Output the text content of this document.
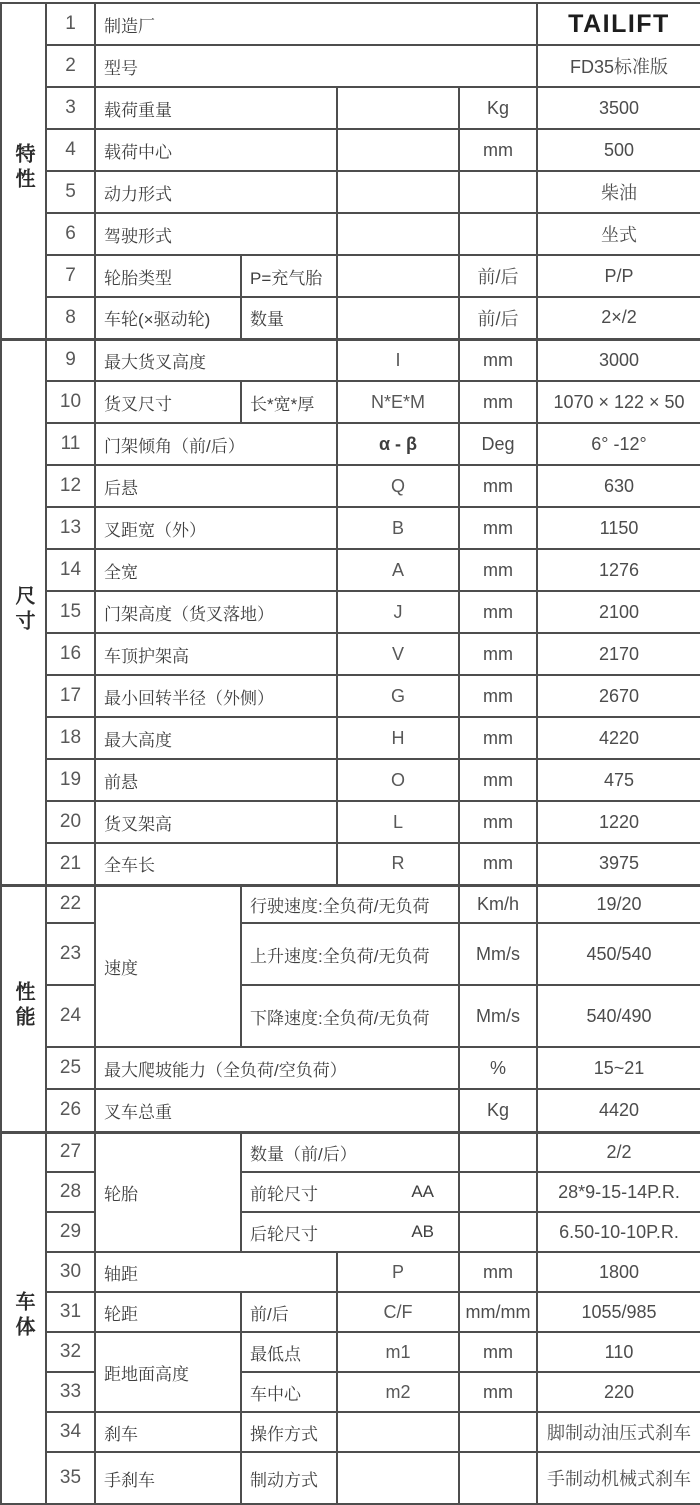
特性	1	制造厂				TAILIFT
	2	型号				FD35标准版
	3	载荷重量			Kg	3500
	4	载荷中心			mm	500
	5	动力形式				柴油
	6	驾驶形式				坐式
	7	轮胎类型	P=充气胎		前/后	P/P
	8	车轮(×驱动轮)	数量		前/后	2×/2
尺寸	9	最大货叉高度		I	mm	3000
	10	货叉尺寸	长*宽*厚	N*E*M	mm	1070 × 122 × 50
	11	门架倾角（前/后）		α - β	Deg	6° -12°
	12	后悬		Q	mm	630
	13	叉距宽（外）		B	mm	1150
	14	全宽		A	mm	1276
	15	门架高度（货叉落地）		J	mm	2100
	16	车顶护架高		V	mm	2170
	17	最小回转半径（外侧）		G	mm	2670
	18	最大高度		H	mm	4220
	19	前悬		O	mm	475
	20	货叉架高		L	mm	1220
	21	全车长		R	mm	3975
性能	22	速度	行驶速度:全负荷/无负荷		Km/h	19/20
	23		上升速度:全负荷/无负荷		Mm/s	450/540
	24		下降速度:全负荷/无负荷		Mm/s	540/490
	25	最大爬坡能力（全负荷/空负荷）			%	15~21
	26	叉车总重			Kg	4420
车体	27	轮胎	数量（前/后）			2/2
	28		前轮尺寸 AA			28*9-15-14P.R.
	29		后轮尺寸 AB			6.50-10-10P.R.
	30	轴距		P	mm	1800
	31	轮距	前/后	C/F	mm/mm	1055/985
	32	距地面高度	最低点	m1	mm	110
	33		车中心	m2	mm	220
	34	刹车	操作方式			脚制动油压式刹车
	35	手刹车	制动方式			手制动机械式刹车
